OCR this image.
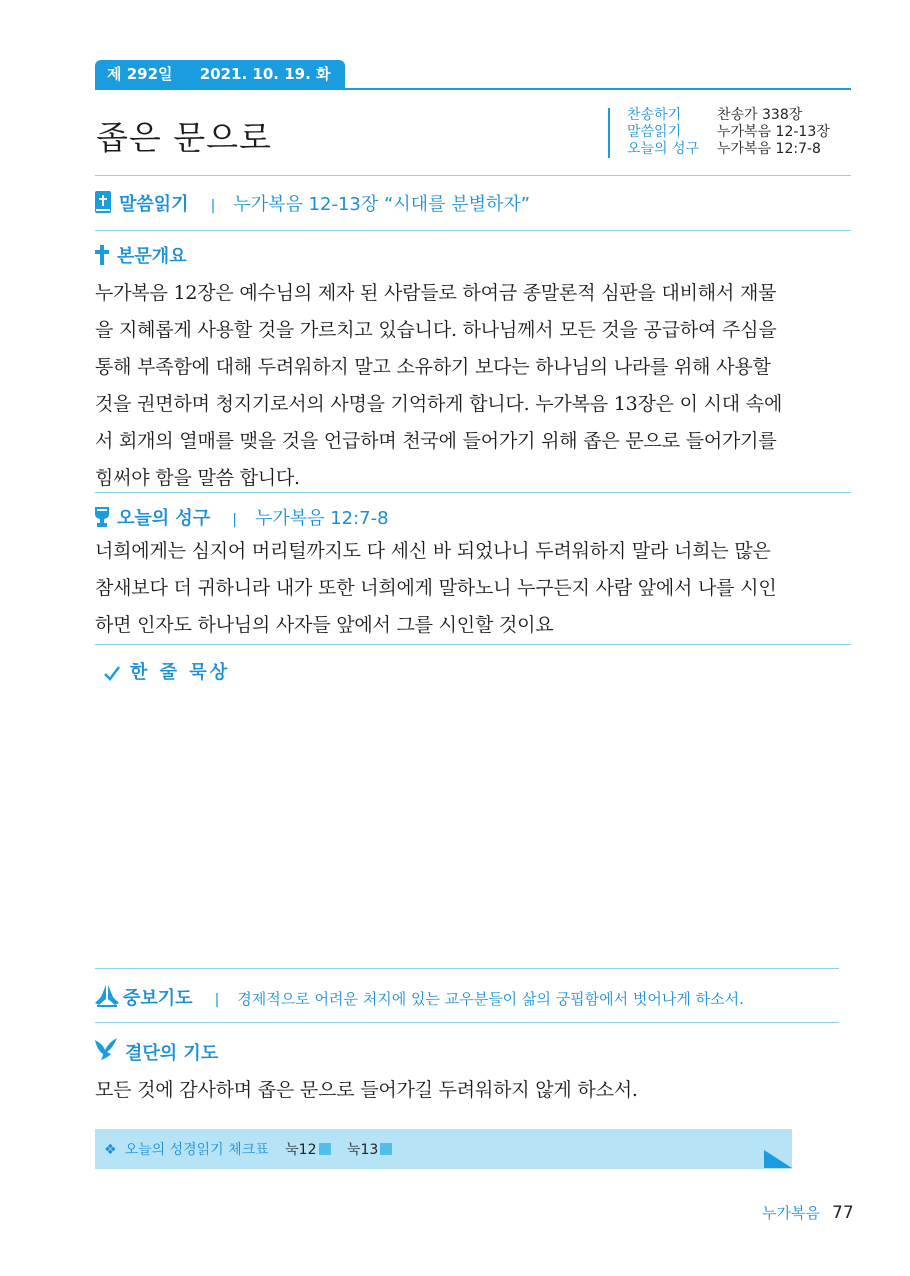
제 292일 2021. 10. 19. 화
좁은 문으로
찬송하기	찬송가 338장
말씀읽기	누가복음 12-13장
오늘의 성구 누가복음 12:7-8
말씀읽기 | 누가복음 12-13장 “시대를 분별하자”
본문개요
누가복음 12장은 예수님의 제자 된 사람들로 하여금 종말론적 심판을 대비해서 재물
을 지혜롭게 사용할 것을 가르치고 있습니다. 하나님께서 모든 것을 공급하여 주심을
통해 부족함에 대해 두려워하지 말고 소유하기 보다는 하나님의 나라를 위해 사용할
것을 권면하며 청지기로서의 사명을 기억하게 합니다. 누가복음 13장은 이 시대 속에
서 회개의 열매를 맺을 것을 언급하며 천국에 들어가기 위해 좁은 문으로 들어가기를
힘써야 함을 말씀 합니다.
오늘의 성구 | 누가복음 12:7-8
너희에게는 심지어 머리털까지도 다 세신 바 되었나니 두려워하지 말라 너희는 많은
참새보다 더 귀하니라 내가 또한 너희에게 말하노니 누구든지 사람 앞에서 나를 시인
하면 인자도 하나님의 사자들 앞에서 그를 시인할 것이요
한 줄 묵상
중보기도 | 경제적으로 어려운 처지에 있는 교우분들이 삶의 궁핍함에서 벗어나게 하소서.
결단의 기도
모든 것에 감사하며 좁은 문으로 들어가길 두려워하지 않게 하소서.
❖ 오늘의 성경읽기 체크표 눅12 눅13
누가복음 77
